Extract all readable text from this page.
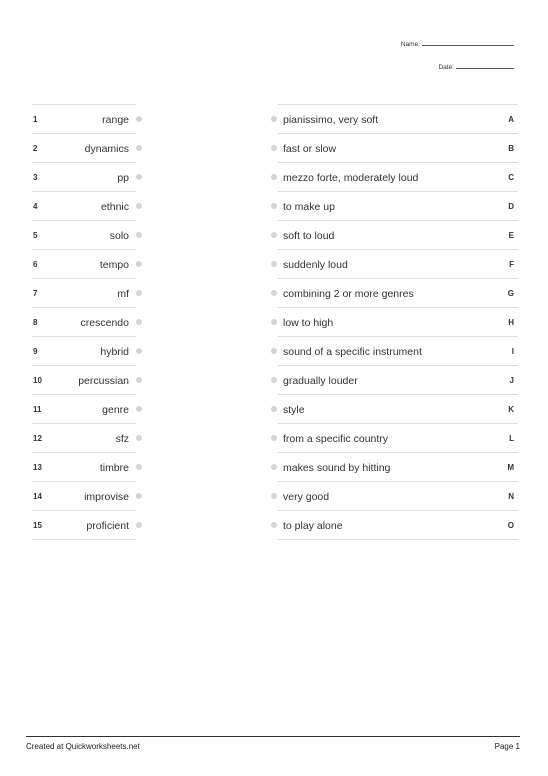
Name:
Date:
1	range
2	dynamics
3	pp
4	ethnic
5	solo
6	tempo
7	mf
8	crescendo
9	hybrid
10	percussian
11	genre
12	sfz
13	timbre
14	improvise
15	proficient
pianissimo, very soft	A
fast or slow	B
mezzo forte, moderately loud	C
to make up	D
soft to loud	E
suddenly loud	F
combining 2 or more genres	G
low to high	H
sound of a specific instrument	I
gradually louder	J
style	K
from a specific country	L
makes sound by hitting	M
very good	N
to play alone	O
Created at Quickworksheets.net	Page 1
